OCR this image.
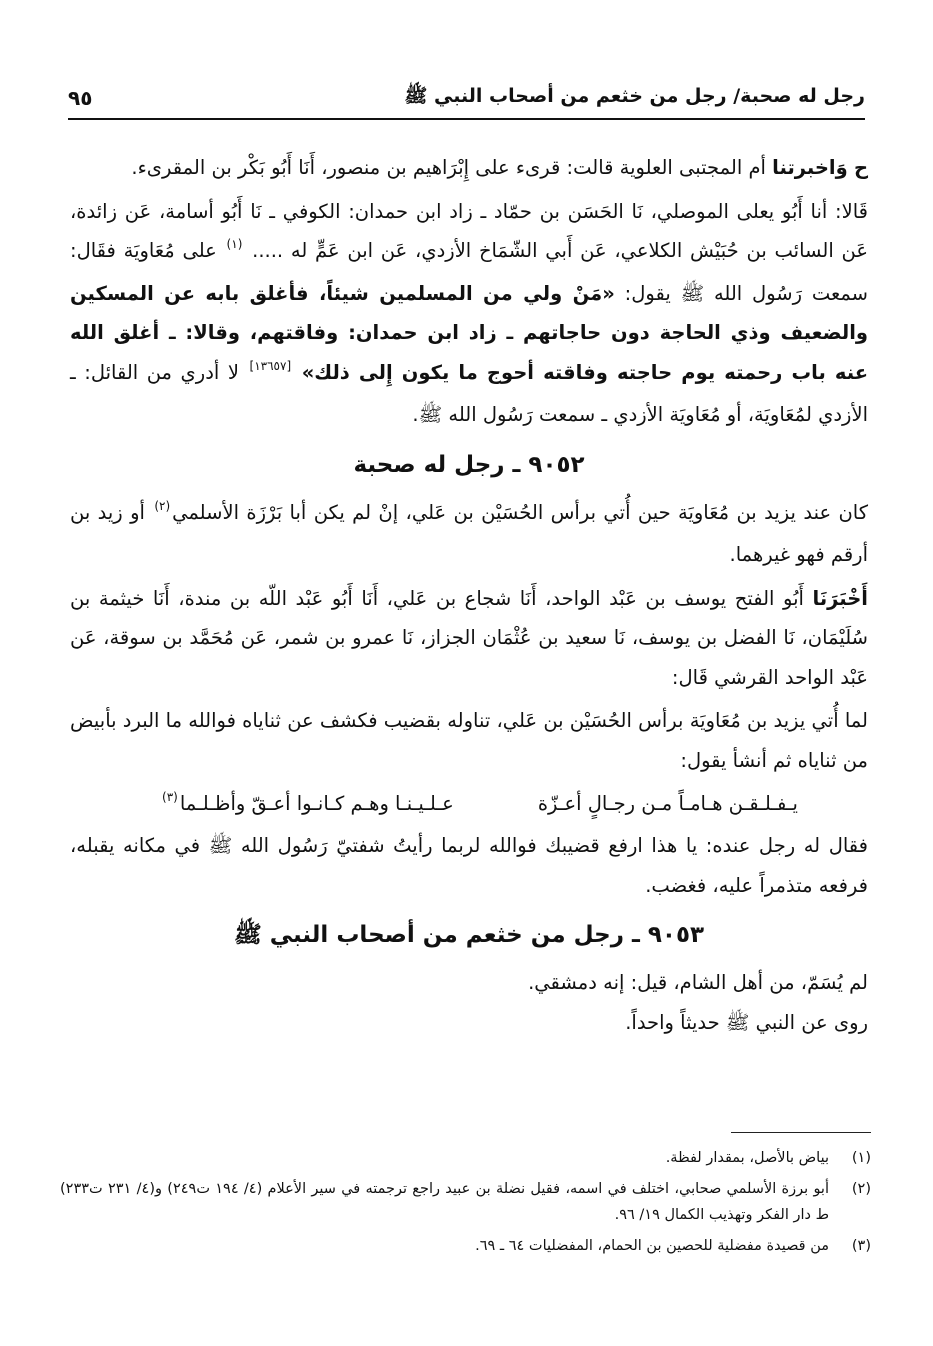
رجل له صحبة/ رجل من خثعم من أصحاب النبي ﷺ
٩٥

ح وَاخبرتنا أم المجتبى العلوية قالت: قرىء على إِبْرَاهيم بن منصور، أَنَا أَبُو بَكْر بن المقرىء.

قَالا: أنا أَبُو يعلى الموصلي، نَا الحَسَن بن حمّاد ـ زاد ابن حمدان: الكوفي ـ نَا أَبُو أسامة، عَن زائدة، عَن السائب بن حُبَيْش الكلاعي، عَن أَبي الشّمَاخ الأزدي، عَن ابن عَمٍّ له ..... $^{(١)}$ على مُعَاويَة فقَال: سمعت رَسُول الله ﷺ يقول: «مَنْ ولي من المسلمين شيئاً، فأغلق بابه عن المسكين والضعيف وذي الحاجة دون حاجاتهم ـ زاد ابن حمدان: وفاقتهم، وقالا: ـ أغلق الله عنه باب رحمته يوم حاجته وفاقته أحوج ما يكون إِلى ذلك» [١٣٦٥٧] لا أدري من القائل: ـ الأزدي لمُعَاويَة، أو مُعَاويَة الأزدي ـ سمعت رَسُول الله ﷺ.

٩٠٥٢ ـ رجل له صحبة

كان عند يزيد بن مُعَاويَة حين أُتي برأس الحُسَيْن بن عَلي، إنْ لم يكن أبا بَرْزَة الأسلمي$^{(٢)}$ أو زيد بن أرقم فهو غيرهما.

أَخْبَرَنَا أَبُو الفتح يوسف بن عَبْد الواحد، أَنَا شجاع بن عَلي، أَنَا أَبُو عَبْد اللّه بن مندة، أَنَا خيثمة بن سُلَيْمَان، نَا الفضل بن يوسف، نَا سعيد بن عُثْمَان الجزاز، نَا عمرو بن شمر، عَن مُحَمَّد بن سوقة، عَن عَبْد الواحد القرشي قَال:

لما أُتي يزيد بن مُعَاويَة برأس الحُسَيْن بن عَلي، تناوله بقضيب فكشف عن ثناياه فوالله ما البرد بأبيض من ثناياه ثم أنشأ يقول:

يـفـلـقـن هـامـاً مـن رجـالٍ أعـزّة
عـلـيـنـا وهـم كـانـوا أعـقّ وأظـلـما$^{(٣)}$

فقال له رجل عنده: يا هذا ارفع قضيبك فوالله لربما رأيتُ شفتيّ رَسُول الله ﷺ في مكانه يقبله، فرفعه متذمراً عليه، فغضب.

٩٠٥٣ ـ رجل من خثعم من أصحاب النبي ﷺ

لم يُسَمّ، من أهل الشام، قيل: إنه دمشقي.

روى عن النبي ﷺ حديثاً واحداً.

(١)
بياض بالأصل، بمقدار لفظة.
(٢)
أبو برزة الأسلمي صحابي، اختلف في اسمه، فقيل نضلة بن عبيد راجع ترجمته في سير الأعلام (٤/ ١٩٤ ت٢٤٩) و(٤/ ٢٣١ ت٢٣٣) ط دار الفكر وتهذيب الكمال ١٩/ ٩٦.
(٣)
من قصيدة مفضلية للحصين بن الحمام، المفضليات ٦٤ ـ ٦٩.
